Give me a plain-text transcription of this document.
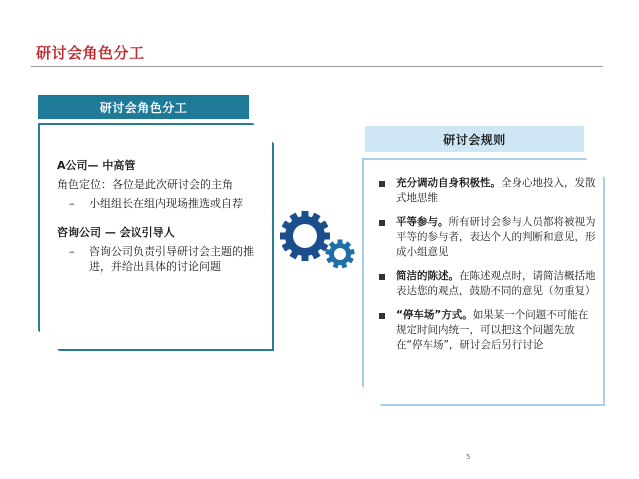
研讨会角色分工
研讨会角色分工

A公司— 中高管

角色定位：各位是此次研讨会的主角

–	小组组长在组内现场推选或自荐

咨询公司 — 会议引导人

–	咨询公司负责引导研讨会主题的推进，并给出具体的讨论问题
研讨会规则
充分调动自身积极性。全身心地投入，发散式地思维
平等参与。所有研讨会参与人员都将被视为平等的参与者，表达个人的判断和意见，形成小组意见
简洁的陈述。在陈述观点时，请简洁概括地表达您的观点，鼓励不同的意见（勿重复）
“停车场”方式。如果某一个问题不可能在规定时间内统一，可以把这个问题先放在“停车场”，研讨会后另行讨论
5
